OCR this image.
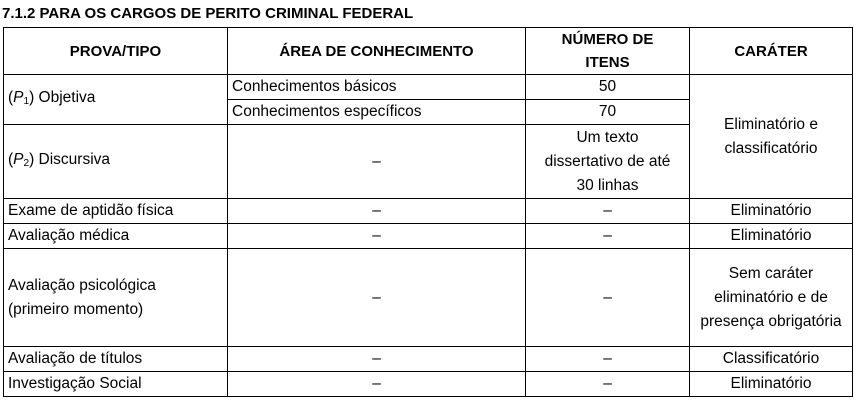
7.1.2 PARA OS CARGOS DE PERITO CRIMINAL FEDERAL
PROVA/TIPO	ÁREA DE CONHECIMENTO	NÚMERO DE ITENS	CARÁTER
$(P_1)$ Objetiva	Conhecimentos básicos	50	Eliminatório e classificatório
	Conhecimentos específicos	70	
$(P_2)$ Discursiva	–	Um texto dissertativo de até 30 linhas	
Exame de aptidão física	–	–	Eliminatório
Avaliação médica	–	–	Eliminatório
Avaliação psicológica (primeiro momento)	–	–	Sem caráter eliminatório e de presença obrigatória
Avaliação de títulos	–	–	Classificatório
Investigação Social	–	–	Eliminatório
